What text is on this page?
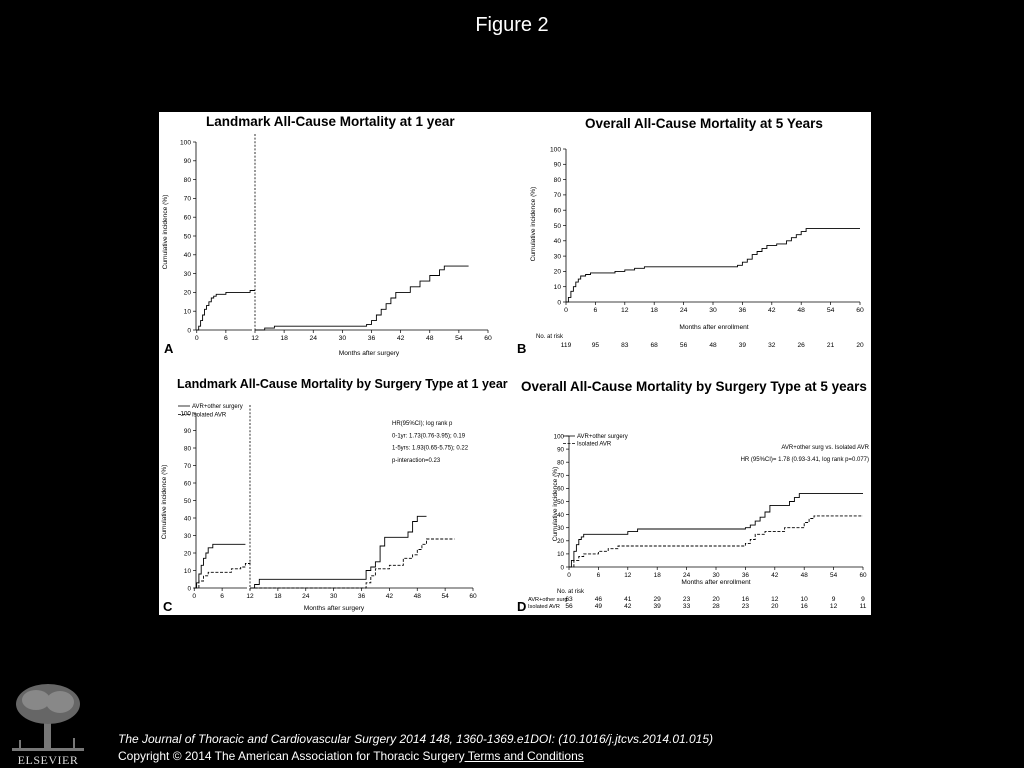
Figure 2
Landmark All-Cause Mortality at 1 year
0
10
20
30
40
50
60
70
80
90
100
0	6	12	18	24	30	36	42	48	54	60
Months after surgery
Cumulative incidence (%)
A
Overall All-Cause Mortality at 5 Years
0
10
20
30
40
50
60
70
80
90
100
0	6	12	18	24	30	36	42	48	54	60
Months after enrollment
Cumulative incidence (%)
B
No. at risk
119	95	83	68	56	48	39	32	26	21	20
Landmark All-Cause Mortality by Surgery Type at 1 year
0
10
20
30
40
50
60
70
80
90
100
0	6	12	18	24	30	36	42	48	54	60
Months after surgery
Cumulative incidence (%)
C
AVR+other surgery
Isolated AVR
HR(95%CI); log rank p
0-1yr: 1.73(0.76-3.95); 0.19
1-5yrs: 1.93(0.65-5.75); 0.22
p-interaction=0.23
Overall All-Cause Mortality by Surgery Type at 5 years
0
10
20
30
40
50
60
70
80
90
100
0	6	12	18	24	30	36	42	48	54	60
Months after enrollment
Cumulative incidence (%)
D
AVR+other surgery
Isolated AVR
AVR+other surg vs. Isolated AVR
HR (95%CI)= 1.78 (0.93-3.41, log rank p=0.077)
No. at risk
AVR+other surg
63	46	41	29	23	20	16	12	10	9	9
Isolated AVR 56	49	42	39	33	28	23	20	16	12	11
ELSEVIER
The Journal of Thoracic and Cardiovascular Surgery 2014 148, 1360-1369.e1DOI: (10.1016/j.jtcvs.2014.01.015)
Copyright © 2014 The American Association for Thoracic Surgery Terms and Conditions
